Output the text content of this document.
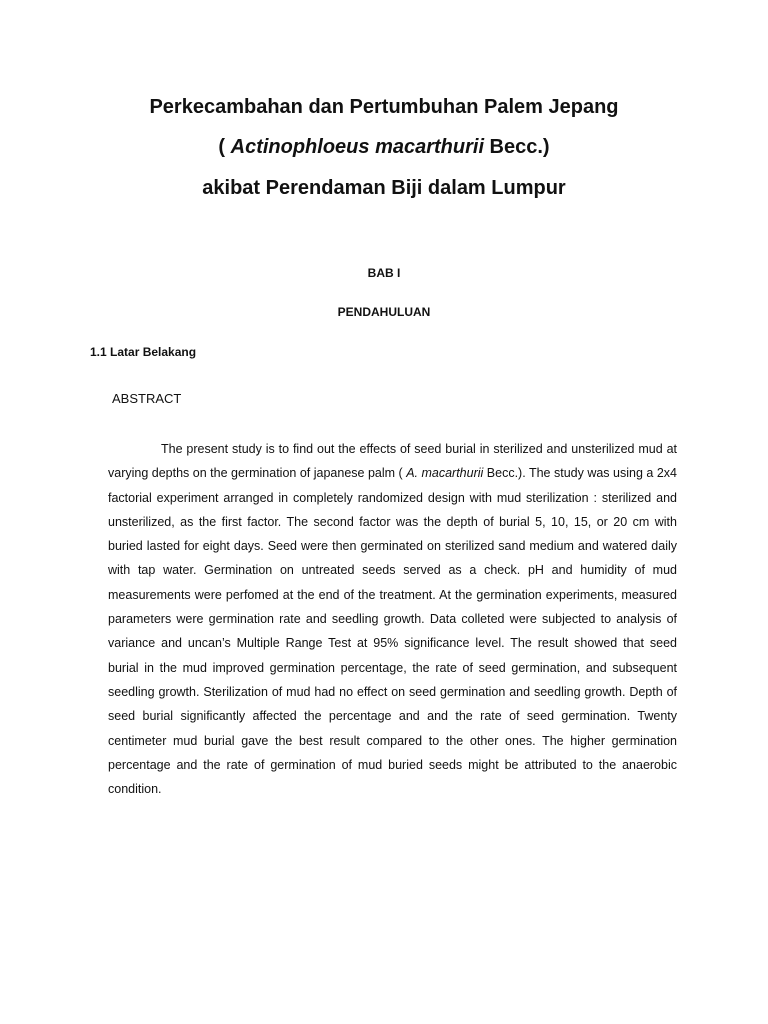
Perkecambahan dan Pertumbuhan Palem Jepang
( Actinophloeus macarthurii Becc.)
akibat Perendaman Biji dalam Lumpur
BAB I
PENDAHULUAN
1.1 Latar Belakang
ABSTRACT

The present study is to find out the effects of seed burial in sterilized and unsterilized mud at varying depths on the germination of japanese palm ( A. macarthurii Becc.). The study was using a 2x4 factorial experiment arranged in completely randomized design with mud sterilization : sterilized and unsterilized, as the first factor. The second factor was the depth of burial 5, 10, 15, or 20 cm with buried lasted for eight days. Seed were then germinated on sterilized sand medium and watered daily with tap water. Germination on untreated seeds served as a check. pH and humidity of mud measurements were perfomed at the end of the treatment. At the germination experiments, measured parameters were germination rate and seedling growth. Data colleted were subjected to analysis of variance and uncan’s Multiple Range Test at 95% significance level. The result showed that seed burial in the mud improved germination percentage, the rate of seed germination, and subsequent seedling growth. Sterilization of mud had no effect on seed germination and seedling growth. Depth of seed burial significantly affected the percentage and and the rate of seed germination. Twenty centimeter mud burial gave the best result compared to the other ones. The higher germination percentage and the rate of germination of mud buried seeds might be attributed to the anaerobic condition.
